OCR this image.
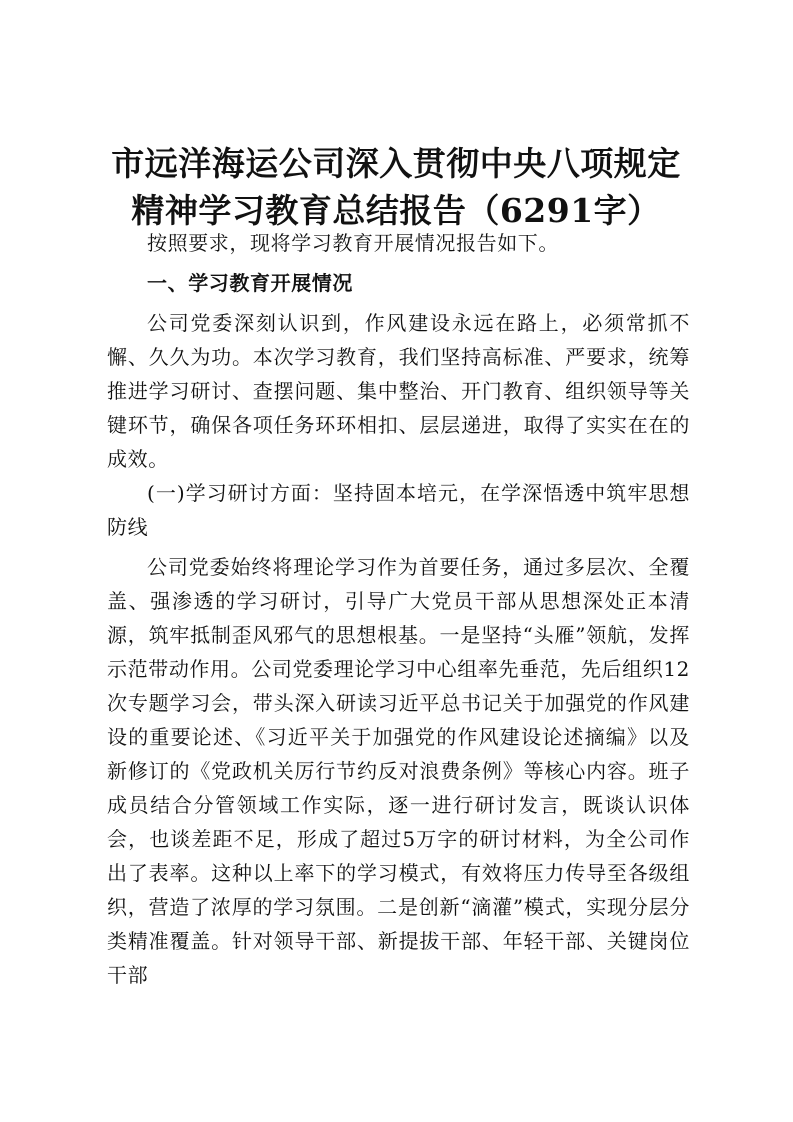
市远洋海运公司深入贯彻中央八项规定精神学习教育总结报告（6291字）

按照要求，现将学习教育开展情况报告如下。

一、学习教育开展情况

公司党委深刻认识到，作风建设永远在路上，必须常抓不懈、久久为功。本次学习教育，我们坚持高标准、严要求，统筹推进学习研讨、查摆问题、集中整治、开门教育、组织领导等关键环节，确保各项任务环环相扣、层层递进，取得了实实在在的成效。

(一)学习研讨方面：坚持固本培元，在学深悟透中筑牢思想防线

公司党委始终将理论学习作为首要任务，通过多层次、全覆盖、强渗透的学习研讨，引导广大党员干部从思想深处正本清源，筑牢抵制歪风邪气的思想根基。一是坚持“头雁”领航，发挥示范带动作用。公司党委理论学习中心组率先垂范，先后组织12次专题学习会，带头深入研读习近平总书记关于加强党的作风建设的重要论述、《习近平关于加强党的作风建设论述摘编》以及新修订的《党政机关厉行节约反对浪费条例》等核心内容。班子成员结合分管领域工作实际，逐一进行研讨发言，既谈认识体会，也谈差距不足，形成了超过5万字的研讨材料，为全公司作出了表率。这种以上率下的学习模式，有效将压力传导至各级组织，营造了浓厚的学习氛围。二是创新“滴灌”模式，实现分层分类精准覆盖。针对领导干部、新提拔干部、年轻干部、关键岗位干部
